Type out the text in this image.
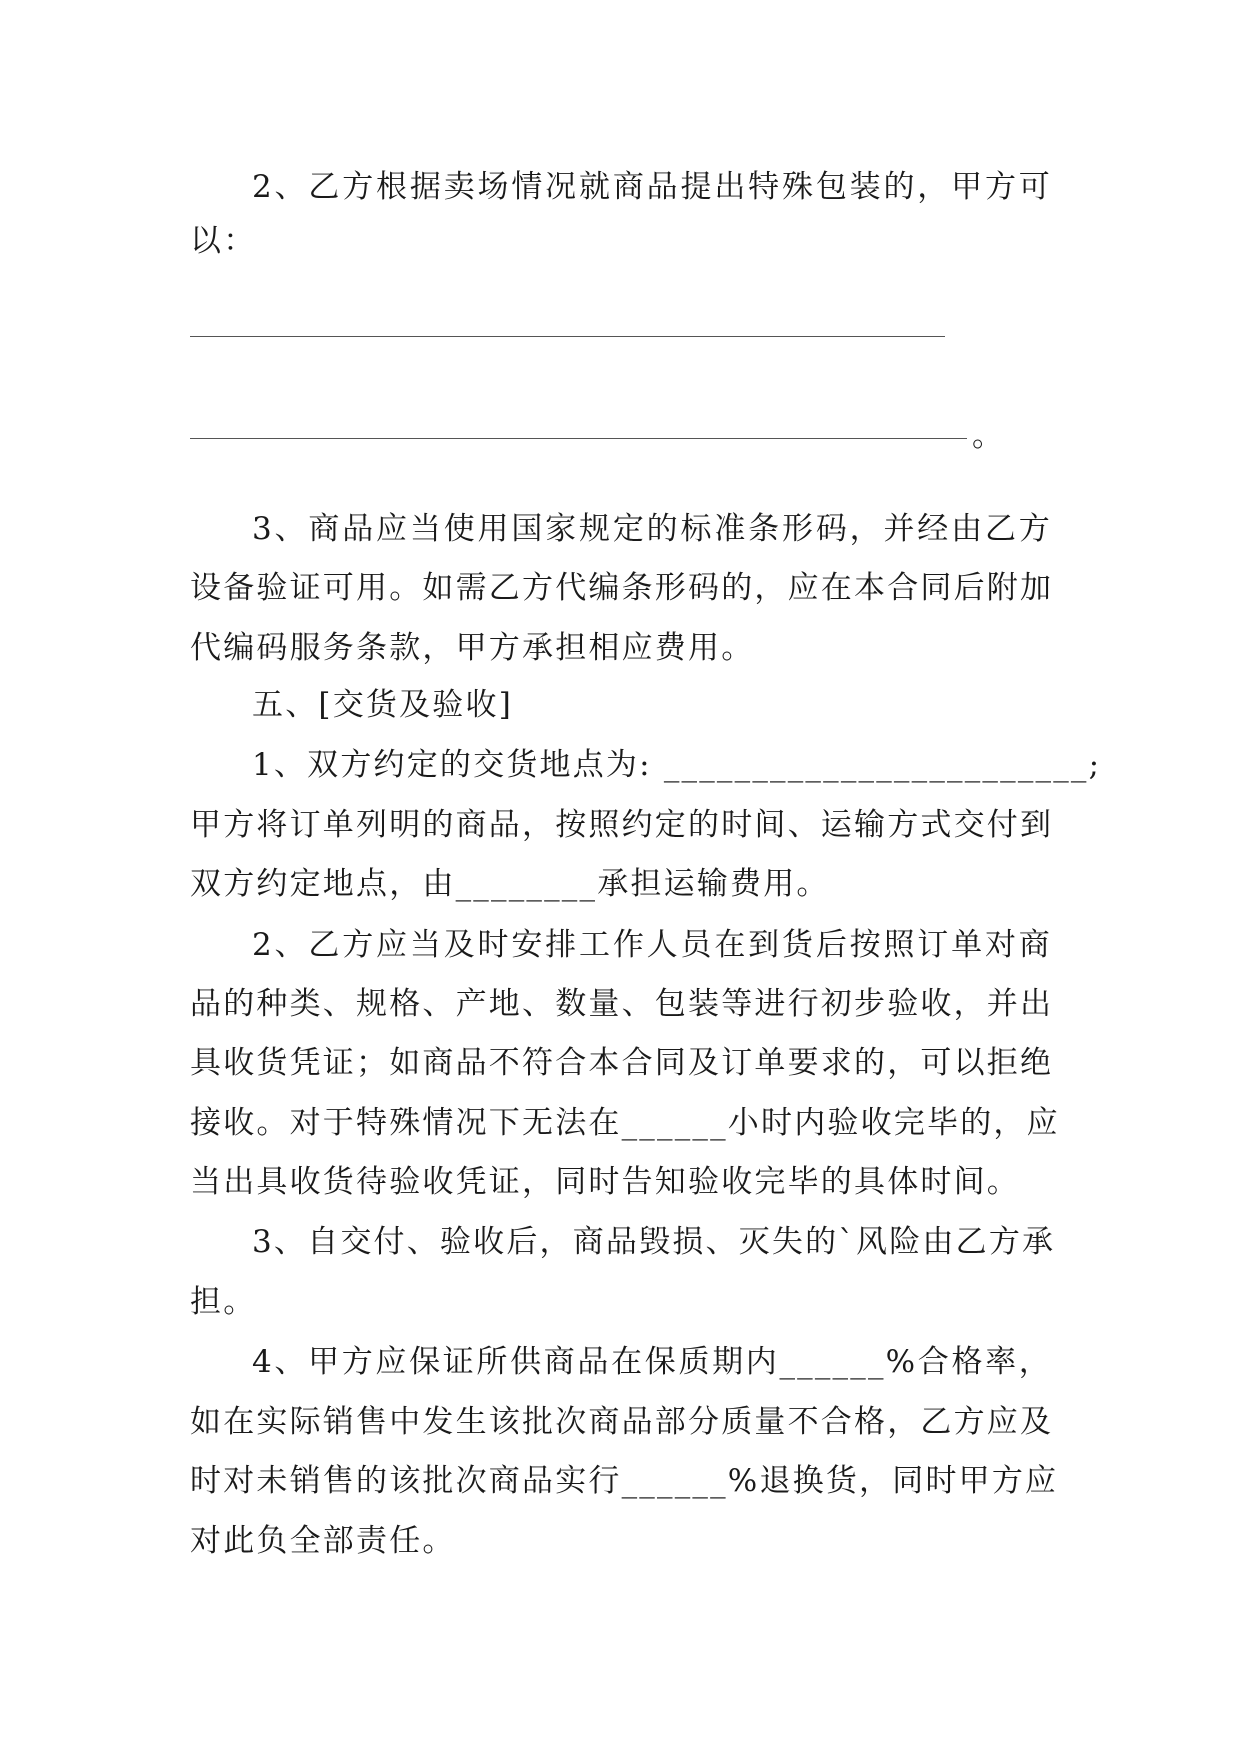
2、乙方根据卖场情况就商品提出特殊包装的，甲方可
以：
。
3、商品应当使用国家规定的标准条形码，并经由乙方
设备验证可用。如需乙方代编条形码的，应在本合同后附加
代编码服务条款，甲方承担相应费用。
五、[交货及验收]
1、双方约定的交货地点为: ________________________;
甲方将订单列明的商品，按照约定的时间、运输方式交付到
双方约定地点，由________承担运输费用。
2、乙方应当及时安排工作人员在到货后按照订单对商
品的种类、规格、产地、数量、包装等进行初步验收，并出
具收货凭证；如商品不符合本合同及订单要求的，可以拒绝
接收。对于特殊情况下无法在______小时内验收完毕的，应
当出具收货待验收凭证，同时告知验收完毕的具体时间。
3、自交付、验收后，商品毁损、灭失的`风险由乙方承
担。
4、甲方应保证所供商品在保质期内______%合格率，
如在实际销售中发生该批次商品部分质量不合格，乙方应及
时对未销售的该批次商品实行______%退换货，同时甲方应
对此负全部责任。
